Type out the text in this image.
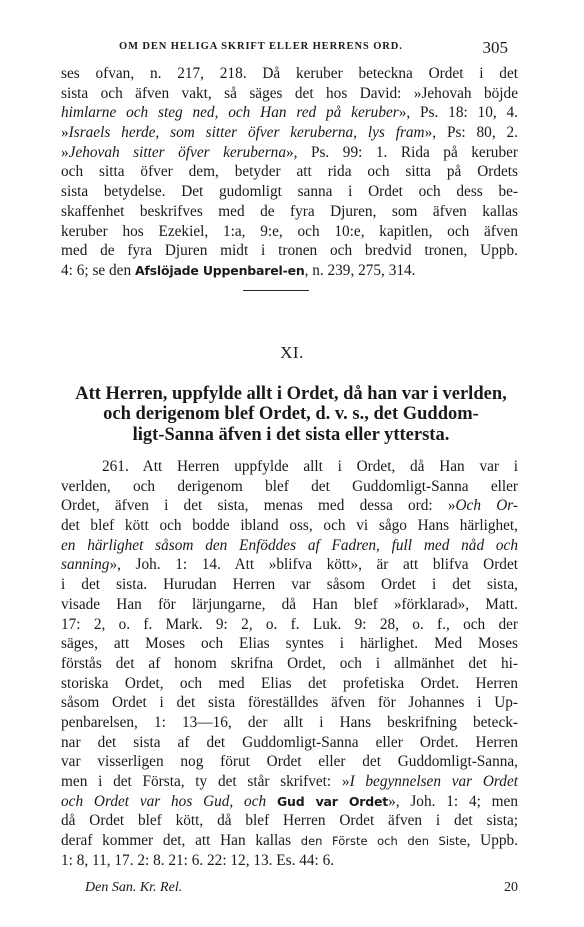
OM DEN HELIGA SKRIFT ELLER HERRENS ORD.	305
ses ofvan, n. 217, 218. Då keruber beteckna Ordet i det
sista och äfven vakt, så säges det hos David: »Jehovah böjde
himlarne och steg ned, och Han red på keruber», Ps. 18: 10, 4.
»Israels herde, som sitter öfver keruberna, lys fram», Ps: 80, 2.
»Jehovah sitter öfver keruberna», Ps. 99: 1. Rida på keruber
och sitta öfver dem, betyder att rida och sitta på Ordets
sista betydelse. Det gudomligt sanna i Ordet och dess be-
skaffenhet beskrifves med de fyra Djuren, som äfven kallas
keruber hos Ezekiel, 1:a, 9:e, och 10:e, kapitlen, och äfven
med de fyra Djuren midt i tronen och bredvid tronen, Uppb.
4: 6; se den Afslöjade Uppenbarel-en, n. 239, 275, 314.
XI.
Att Herren, uppfylde allt i Ordet, då han var i verlden,
och derigenom blef Ordet, d. v. s., det Guddom-
ligt-Sanna äfven i det sista eller yttersta.
261. Att Herren uppfylde allt i Ordet, då Han var i
verlden, och derigenom blef det Guddomligt-Sanna eller
Ordet, äfven i det sista, menas med dessa ord: »Och Or-
det blef kött och bodde ibland oss, och vi sågo Hans härlighet,
en härlighet såsom den Enföddes af Fadren, full med nåd och
sanning», Joh. 1: 14. Att »blifva kött», är att blifva Ordet
i det sista. Hurudan Herren var såsom Ordet i det sista,
visade Han för lärjungarne, då Han blef »förklarad», Matt.
17: 2, o. f. Mark. 9: 2, o. f. Luk. 9: 28, o. f., och der
säges, att Moses och Elias syntes i härlighet. Med Moses
förstås det af honom skrifna Ordet, och i allmänhet det hi-
storiska Ordet, och med Elias det profetiska Ordet. Herren
såsom Ordet i det sista föreställdes äfven för Johannes i Up-
penbarelsen, 1: 13—16, der allt i Hans beskrifning beteck-
nar det sista af det Guddomligt-Sanna eller Ordet. Herren
var visserligen nog förut Ordet eller det Guddomligt-Sanna,
men i det Första, ty det står skrifvet: »I begynnelsen var Ordet
och Ordet var hos Gud, och Gud var Ordet», Joh. 1: 4; men
då Ordet blef kött, då blef Herren Ordet äfven i det sista;
deraf kommer det, att Han kallas den Förste och den Siste, Uppb.
1: 8, 11, 17. 2: 8. 21: 6. 22: 12, 13. Es. 44: 6.
Den San. Kr. Rel.	20
